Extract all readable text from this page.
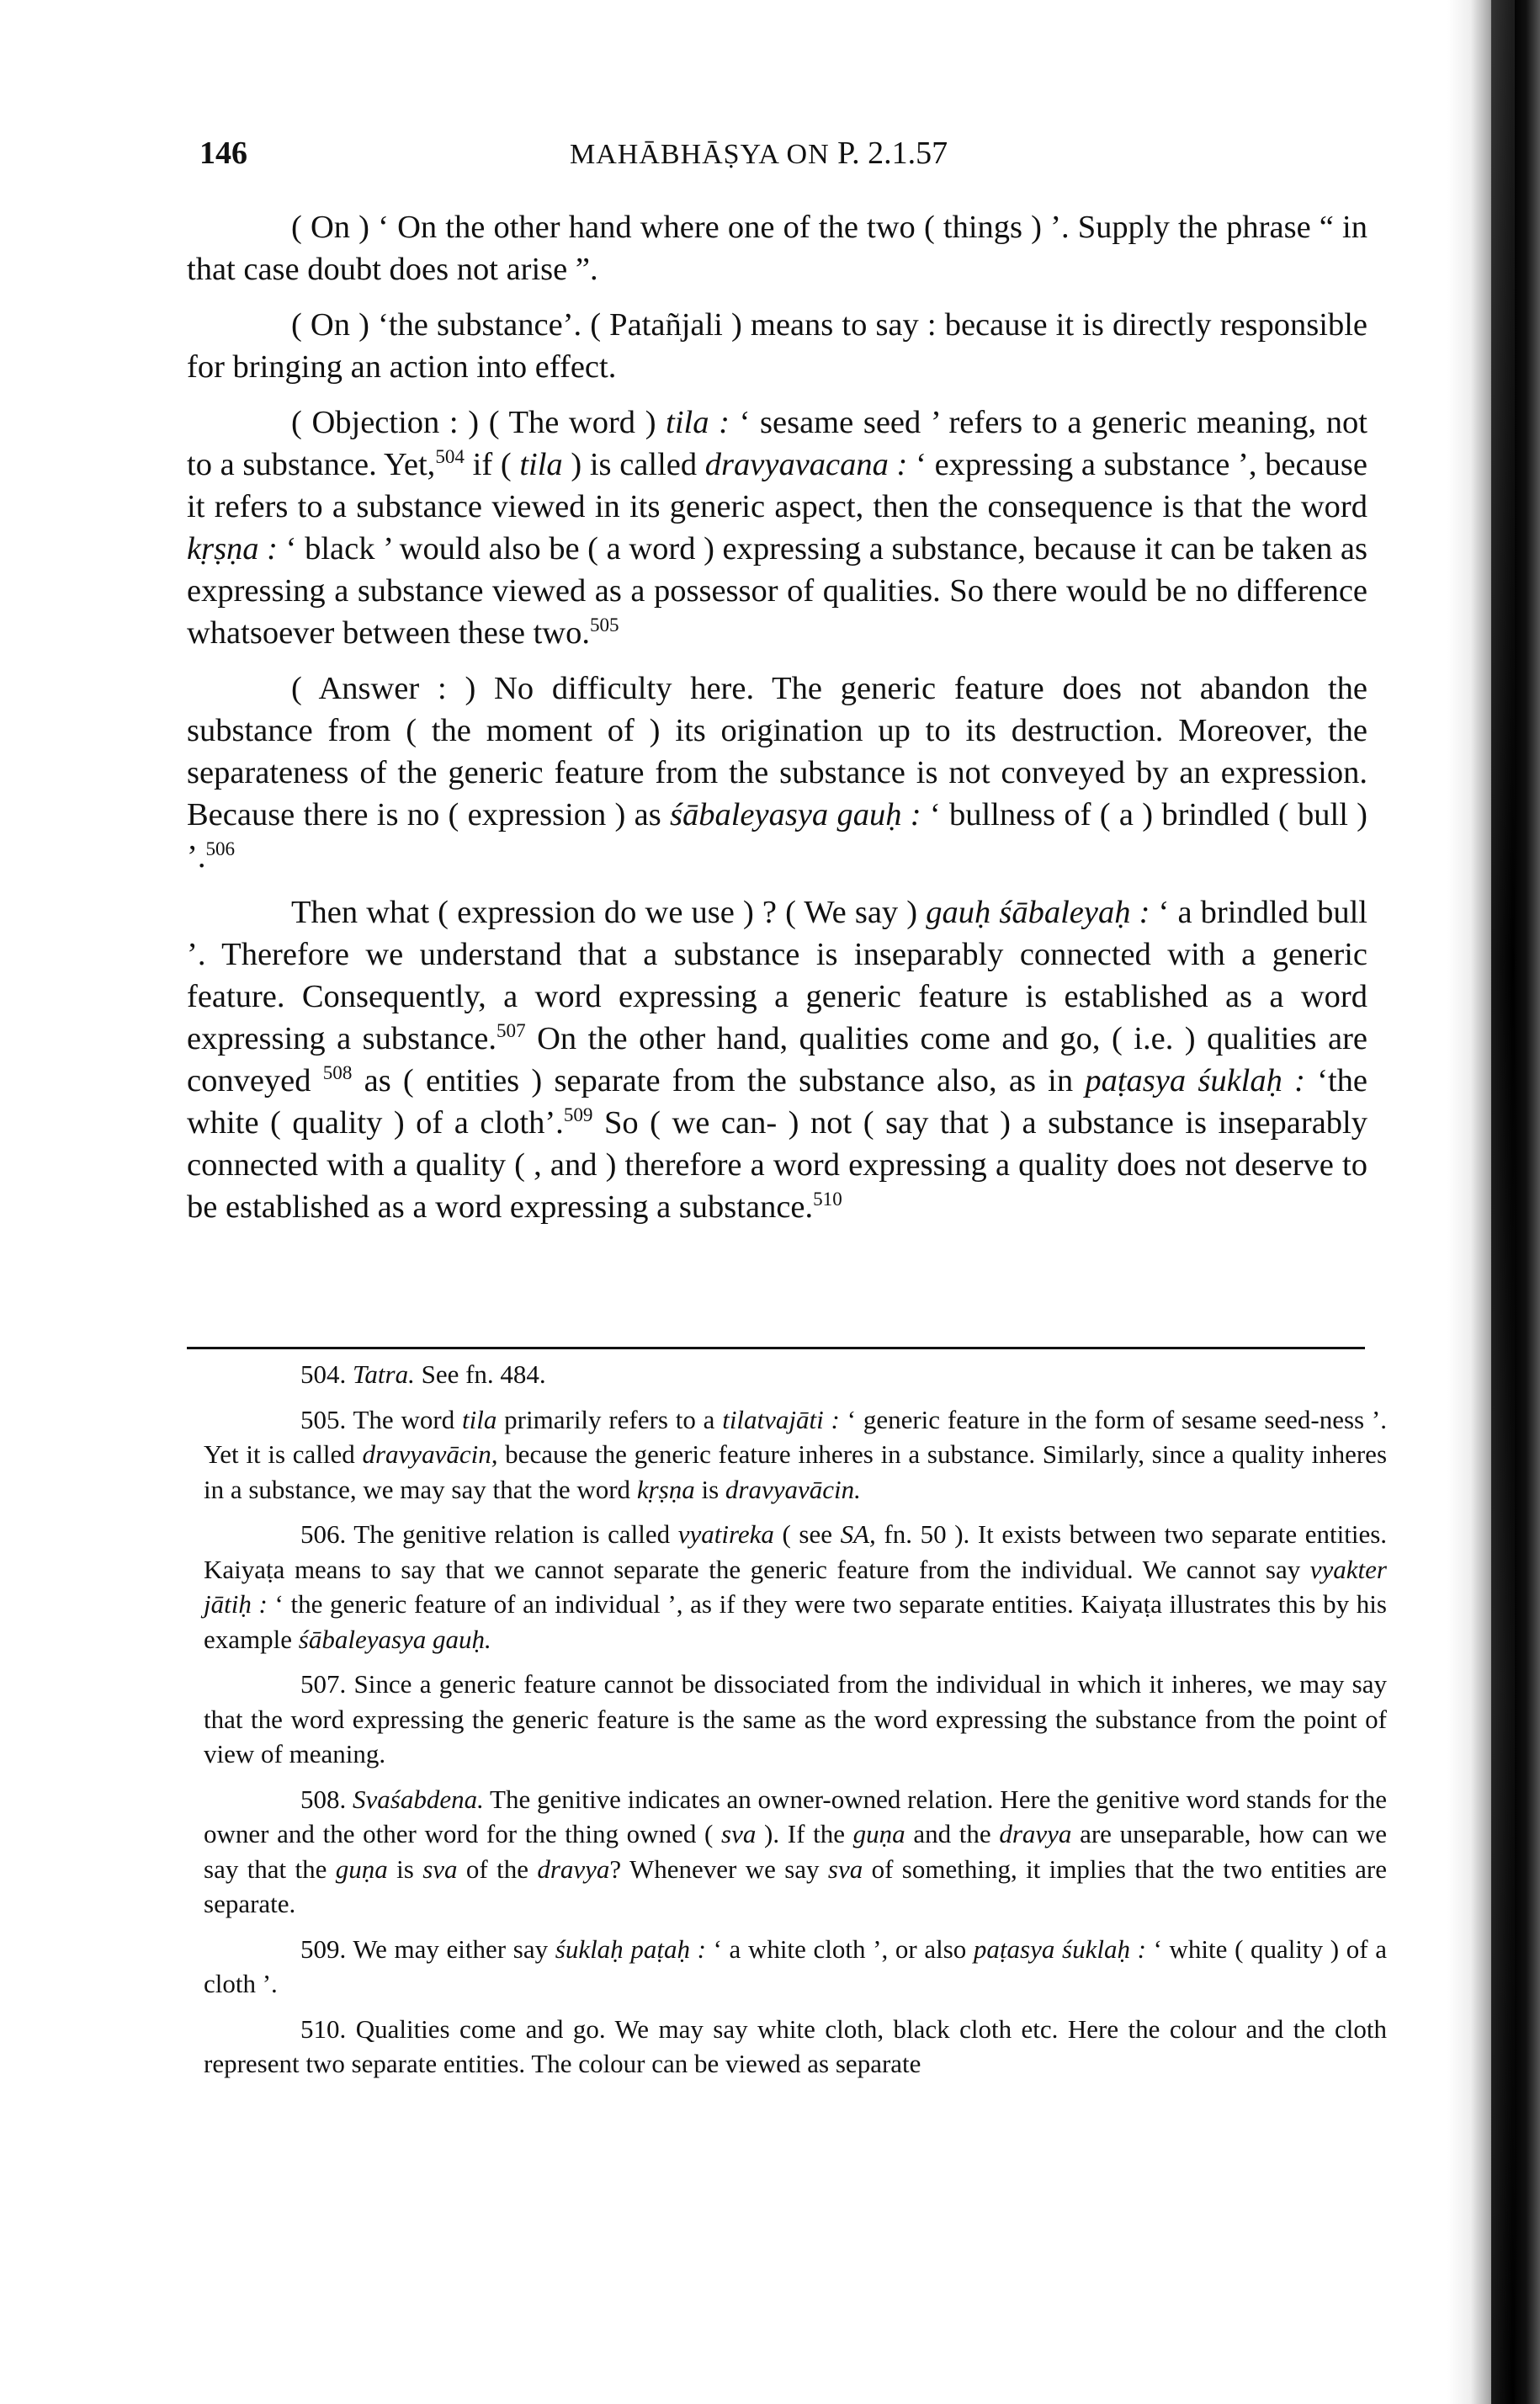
146	MAHĀBHĀṢYA ON P. 2.1.57

( On ) ‘ On the other hand where one of the two ( things ) ’. Supply the phrase “ in that case doubt does not arise ”.

( On ) ‘the substance’. ( Patañjali ) means to say : because it is directly responsible for bringing an action into effect.

( Objection : ) ( The word ) tila : ‘ sesame seed ’ refers to a generic meaning, not to a substance. Yet,$^{504}$ if ( tila ) is called dravyavacana : ‘ expressing a substance ’, because it refers to a substance viewed in its generic aspect, then the consequence is that the word kṛṣṇa : ‘ black ’ would also be ( a word ) expressing a substance, because it can be taken as expressing a substance viewed as a possessor of qualities. So there would be no difference whatsoever between these two.$^{505}$

( Answer : ) No difficulty here. The generic feature does not abandon the substance from ( the moment of ) its origination up to its destruction. Moreover, the separateness of the generic feature from the substance is not conveyed by an expression. Because there is no ( expression ) as śābaleyasya gauḥ : ‘ bullness of ( a ) brindled ( bull ) ’.$^{506}$

Then what ( expression do we use ) ? ( We say ) gauḥ śābaleyaḥ : ‘ a brindled bull ’. Therefore we understand that a substance is inseparably connected with a generic feature. Consequently, a word expressing a generic feature is established as a word expressing a substance.$^{507}$ On the other hand, qualities come and go, ( i.e. ) qualities are conveyed $^{508}$ as ( entities ) separate from the substance also, as in paṭasya śuklaḥ : ‘the white ( quality ) of a cloth’.$^{509}$ So ( we can- ) not ( say that ) a substance is inseparably connected with a quality ( , and ) therefore a word expressing a quality does not deserve to be established as a word expressing a substance.$^{510}$

504. Tatra. See fn. 484.

505. The word tila primarily refers to a tilatvajāti : ‘ generic feature in the form of sesame seed-ness ’. Yet it is called dravyavācin, because the generic feature inheres in a substance. Similarly, since a quality inheres in a substance, we may say that the word kṛṣṇa is dravyavācin.

506. The genitive relation is called vyatireka ( see SA, fn. 50 ). It exists between two separate entities. Kaiyaṭa means to say that we cannot separate the generic feature from the individual. We cannot say vyakter jātiḥ : ‘ the generic feature of an individual ’, as if they were two separate entities. Kaiyaṭa illustrates this by his example śābaleyasya gauḥ.

507. Since a generic feature cannot be dissociated from the individual in which it inheres, we may say that the word expressing the generic feature is the same as the word expressing the substance from the point of view of meaning.

508. Svaśabdena. The genitive indicates an owner-owned relation. Here the genitive word stands for the owner and the other word for the thing owned ( sva ). If the guṇa and the dravya are unseparable, how can we say that the guṇa is sva of the dravya? Whenever we say sva of something, it implies that the two entities are separate.

509. We may either say śuklaḥ paṭaḥ : ‘ a white cloth ’, or also paṭasya śuklaḥ : ‘ white ( quality ) of a cloth ’.

510. Qualities come and go. We may say white cloth, black cloth etc. Here the colour and the cloth represent two separate entities. The colour can be viewed as separate
